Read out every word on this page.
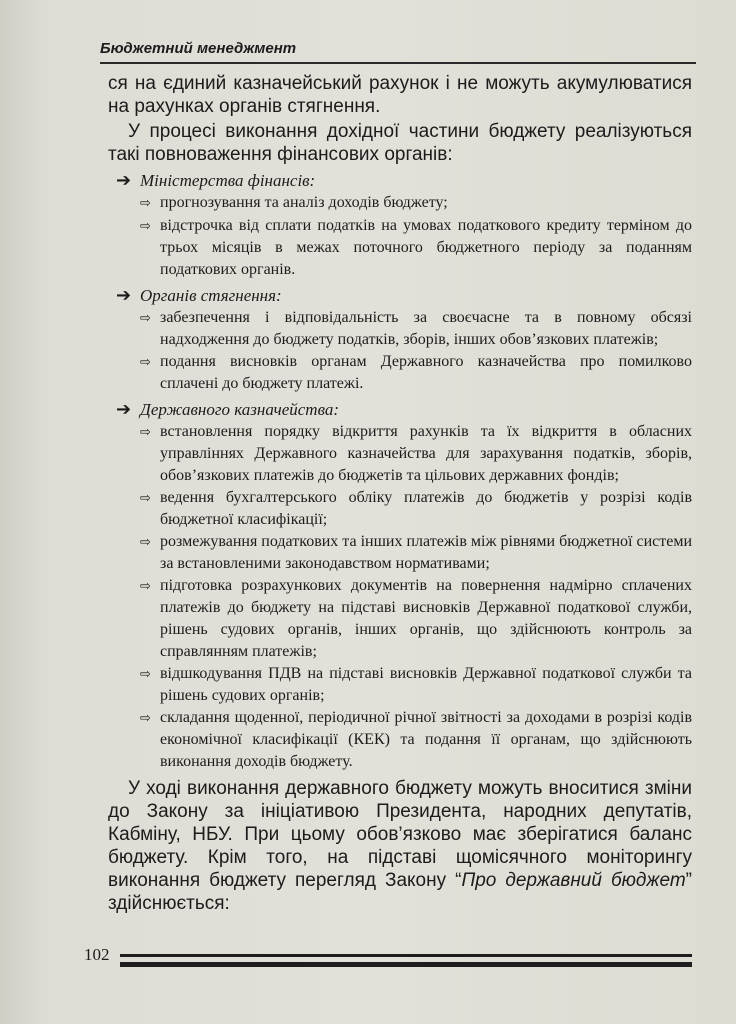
Бюджетний менеджмент

ся на єдиний казначейський рахунок і не можуть акумулюватися на рахунках органів стягнення.

У процесі виконання дохідної частини бюджету реалізуються такі повноваження фінансових органів:

➔ Міністерства фінансів:
⇨ прогнозування та аналіз доходів бюджету;
⇨ відстрочка від сплати податків на умовах податкового кредиту терміном до трьох місяців в межах поточного бюджетного періоду за поданням податкових органів.
➔ Органів стягнення:
⇨ забезпечення і відповідальність за своєчасне та в повному обсязі надходження до бюджету податків, зборів, інших обов’язкових платежів;
⇨ подання висновків органам Державного казначейства про помилково сплачені до бюджету платежі.
➔ Державного казначейства:
⇨ встановлення порядку відкриття рахунків та їх відкриття в обласних управліннях Державного казначейства для зарахування податків, зборів, обов’язкових платежів до бюджетів та цільових державних фондів;
⇨ ведення бухгалтерського обліку платежів до бюджетів у розрізі кодів бюджетної класифікації;
⇨ розмежування податкових та інших платежів між рівнями бюджетної системи за встановленими законодавством нормативами;
⇨ підготовка розрахункових документів на повернення надмірно сплачених платежів до бюджету на підставі висновків Державної податкової служби, рішень судових органів, інших органів, що здійснюють контроль за справлянням платежів;
⇨ відшкодування ПДВ на підставі висновків Державної податкової служби та рішень судових органів;
⇨ складання щоденної, періодичної річної звітності за доходами в розрізі кодів економічної класифікації (КЕК) та подання її органам, що здійснюють виконання доходів бюджету.

У ході виконання державного бюджету можуть вноситися зміни до Закону за ініціативою Президента, народних депутатів, Кабміну, НБУ. При цьому обов’язково має зберігатися баланс бюджету. Крім того, на підставі щомісячного моніторингу виконання бюджету перегляд Закону “Про державний бюджет” здійснюється:

102
